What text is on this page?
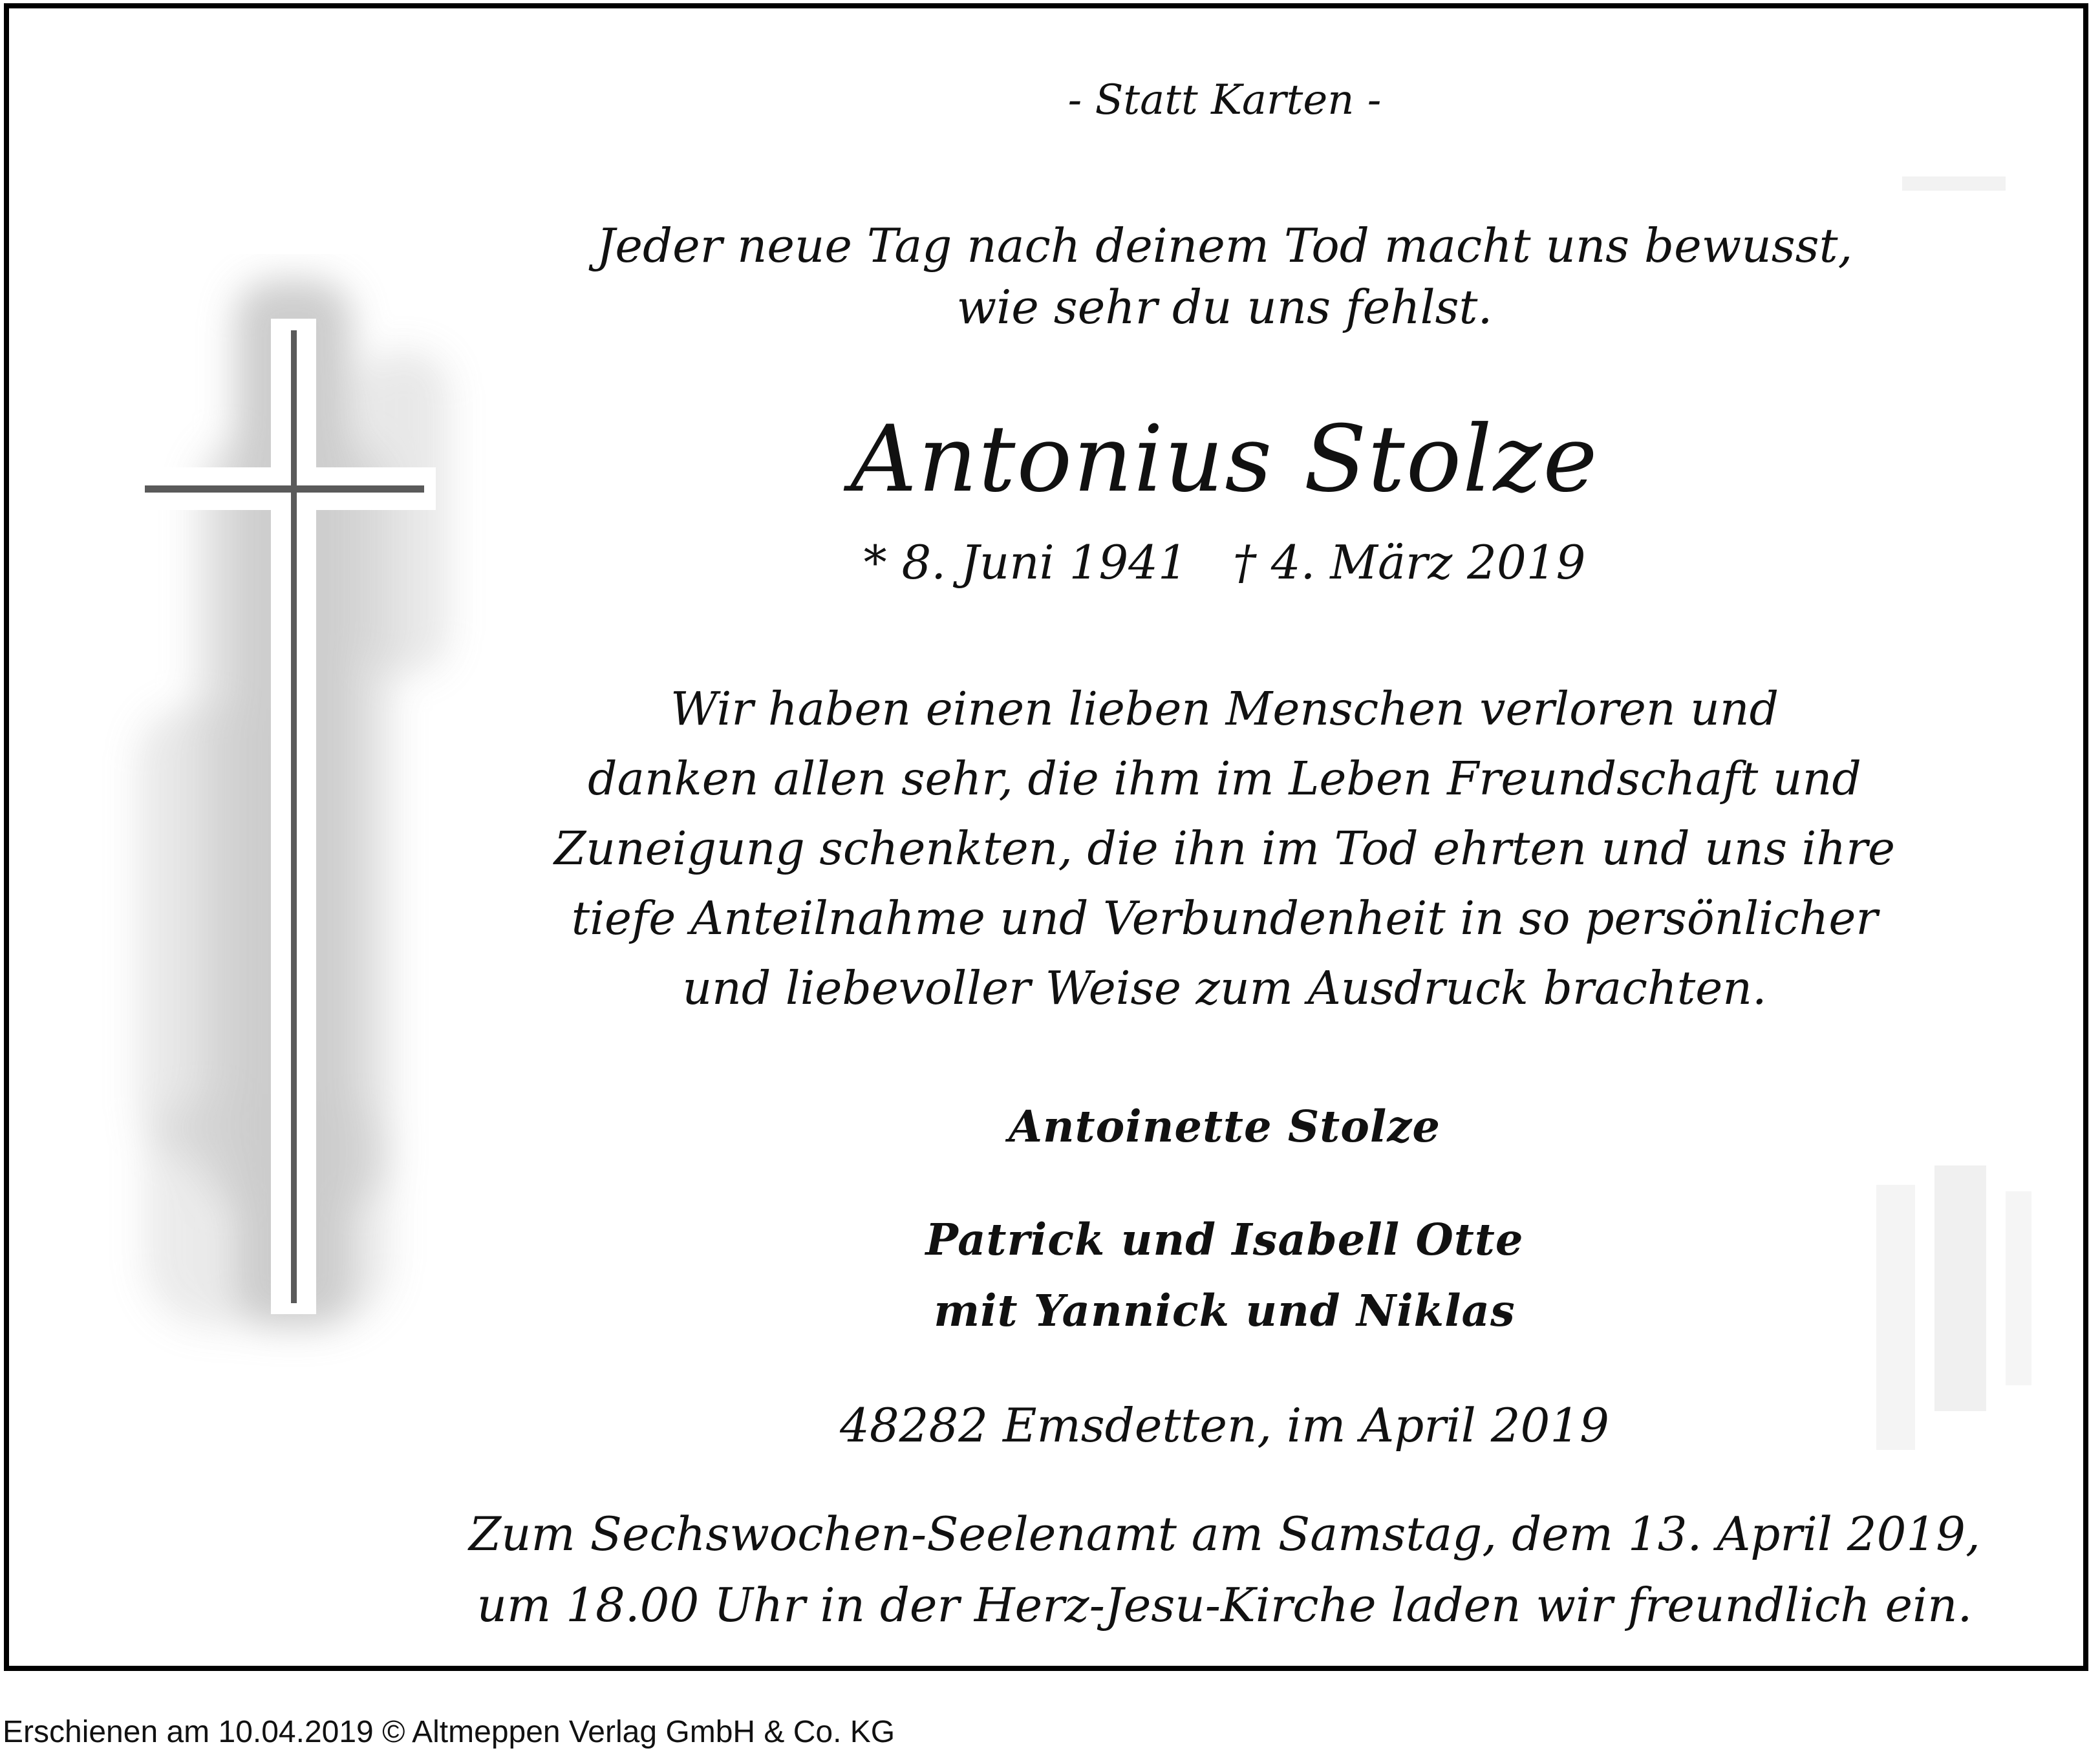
- Statt Karten -
Jeder neue Tag nach deinem Tod macht uns bewusst,
wie sehr du uns fehlst.
Antonius Stolze
* 8. Juni 1941 † 4. März 2019
Wir haben einen lieben Menschen verloren und
danken allen sehr, die ihm im Leben Freundschaft und
Zuneigung schenkten, die ihn im Tod ehrten und uns ihre
tiefe Anteilnahme und Verbundenheit in so persönlicher
und liebevoller Weise zum Ausdruck brachten.
Antoinette Stolze
Patrick und Isabell Otte
mit Yannick und Niklas
48282 Emsdetten, im April 2019
Zum Sechswochen-Seelenamt am Samstag, dem 13. April 2019,
um 18.00 Uhr in der Herz-Jesu-Kirche laden wir freundlich ein.
Erschienen am 10.04.2019 © Altmeppen Verlag GmbH & Co. KG
